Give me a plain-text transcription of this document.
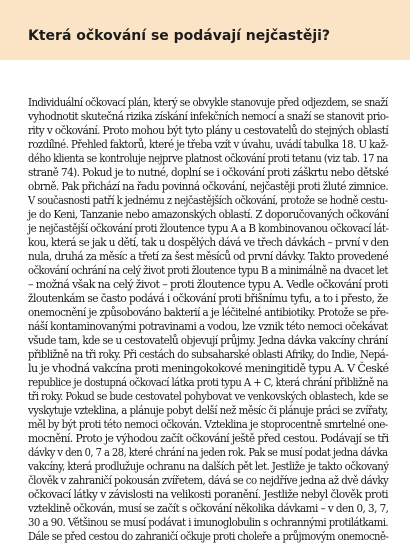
Která očkování se podávají nejčastěji?
Individuální očkovací plán, který se obvykle stanovuje před odjezdem, se snaží
vyhodnotit skutečná rizika získání infekčních nemocí a snaží se stanovit prio-
rity v očkování. Proto mohou být tyto plány u cestovatelů do stejných oblastí
rozdílné. Přehled faktorů, které je třeba vzít v úvahu, uvádí tabulka 18. U kaž-
dého klienta se kontroluje nejprve platnost očkování proti tetanu (viz tab. 17 na
straně 74). Pokud je to nutné, doplní se i očkování proti záškrtu nebo dětské
obrně. Pak přichází na řadu povinná očkování, nejčastěji proti žluté zimnice.
V současnosti patří k jednému z nejčastějších očkování, protože se hodně cestu-
je do Keni, Tanzanie nebo amazonských oblastí. Z doporučovaných očkování
je nejčastější očkování proti žloutence typu A a B kombinovanou očkovací lát-
kou, která se jak u dětí, tak u dospělých dává ve třech dávkách – první v den
nula, druhá za měsíc a třetí za šest měsíců od první dávky. Takto provedené
očkování ochrání na celý život proti žloutence typu B a minimálně na dvacet let
– možná však na celý život – proti žloutence typu A. Vedle očkování proti
žloutenkám se často podává i očkování proti břišnímu tyfu, a to i přesto, že
onemocnění je způsobováno bakterií a je léčitelné antibiotiky. Protože se pře-
náší kontaminovanými potravinami a vodou, lze vznik této nemoci očekávat
všude tam, kde se u cestovatelů objevují průjmy. Jedna dávka vakcíny chrání
přibližně na tři roky. Při cestách do subsaharské oblasti Afriky, do Indie, Nepá-
lu je vhodná vakcína proti meningokokové meningitidě typu A. V České
republice je dostupná očkovací látka proti typu A + C, která chrání přibližně na
tři roky. Pokud se bude cestovatel pohybovat ve venkovských oblastech, kde se
vyskytuje vzteklina, a plánuje pobyt delší než měsíc či plánuje práci se zvířaty,
měl by být proti této nemoci očkován. Vzteklina je stoprocentně smrtelné one-
mocnění. Proto je výhodou začít očkování ještě před cestou. Podávají se tři
dávky v den 0, 7 a 28, které chrání na jeden rok. Pak se musí podat jedna dávka
vakcíny, která prodlužuje ochranu na dalších pět let. Jestliže je takto očkovaný
člověk v zahraničí pokousán zvířetem, dává se co nejdříve jedna až dvě dávky
očkovací látky v závislosti na velikosti poranění. Jestliže nebyl člověk proti
vzteklině očkován, musí se začít s očkování několika dávkami – v den 0, 3, 7,
30 a 90. Většinou se musí podávat i imunoglobulin s ochrannými protilátkami.
Dále se před cestou do zahraničí očkuje proti choleře a průjmovým onemocně-
